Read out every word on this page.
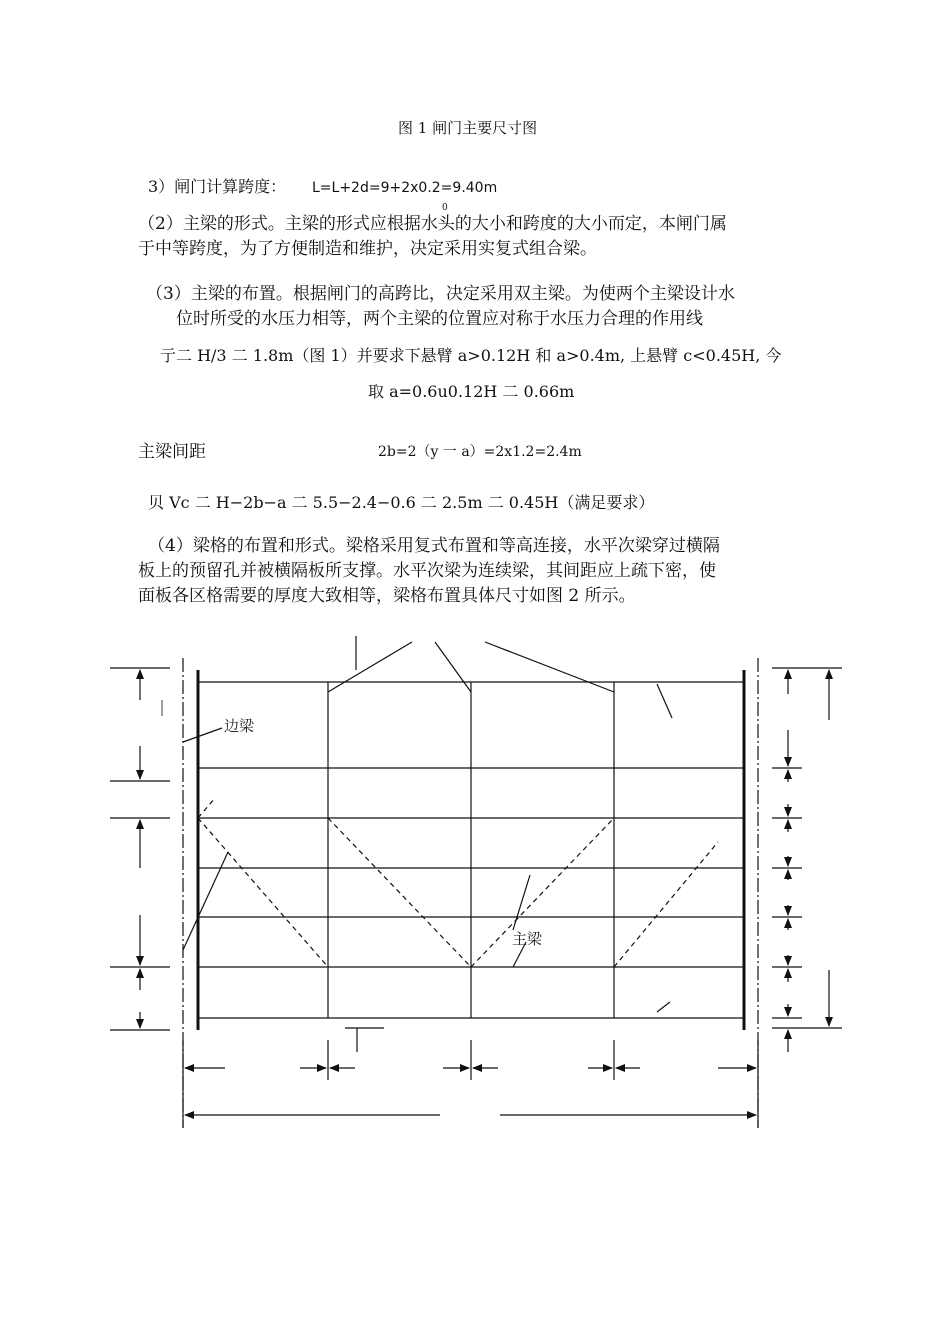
图 1 闸门主要尺寸图
3）闸门计算跨度： L=L+2d=9+2x0.2=9.40m
0
（2）主梁的形式。主梁的形式应根据水头的大小和跨度的大小而定，本闸门属
于中等跨度，为了方便制造和维护，决定采用实复式组合梁。
（3）主梁的布置。根据闸门的高跨比，决定采用双主梁。为使两个主梁设计水
位时所受的水压力相等，两个主梁的位置应对称于水压力合理的作用线
亍二 H/3 二 1.8m（图 1）并要求下悬臂 a>0.12H 和 a>0.4m, 上悬臂 c<0.45H, 今
取 a=0.6u0.12H 二 0.66m
主梁间距	2b=2（y 一 a）=2x1.2=2.4m
贝 Vc 二 H−2b−a 二 5.5−2.4−0.6 二 2.5m 二 0.45H（满足要求）
（4）梁格的布置和形式。梁格采用复式布置和等高连接，水平次梁穿过横隔
板上的预留孔并被横隔板所支撑。水平次梁为连续梁，其间距应上疏下密，使
面板各区格需要的厚度大致相等，梁格布置具体尺寸如图 2 所示。
边梁
主梁
